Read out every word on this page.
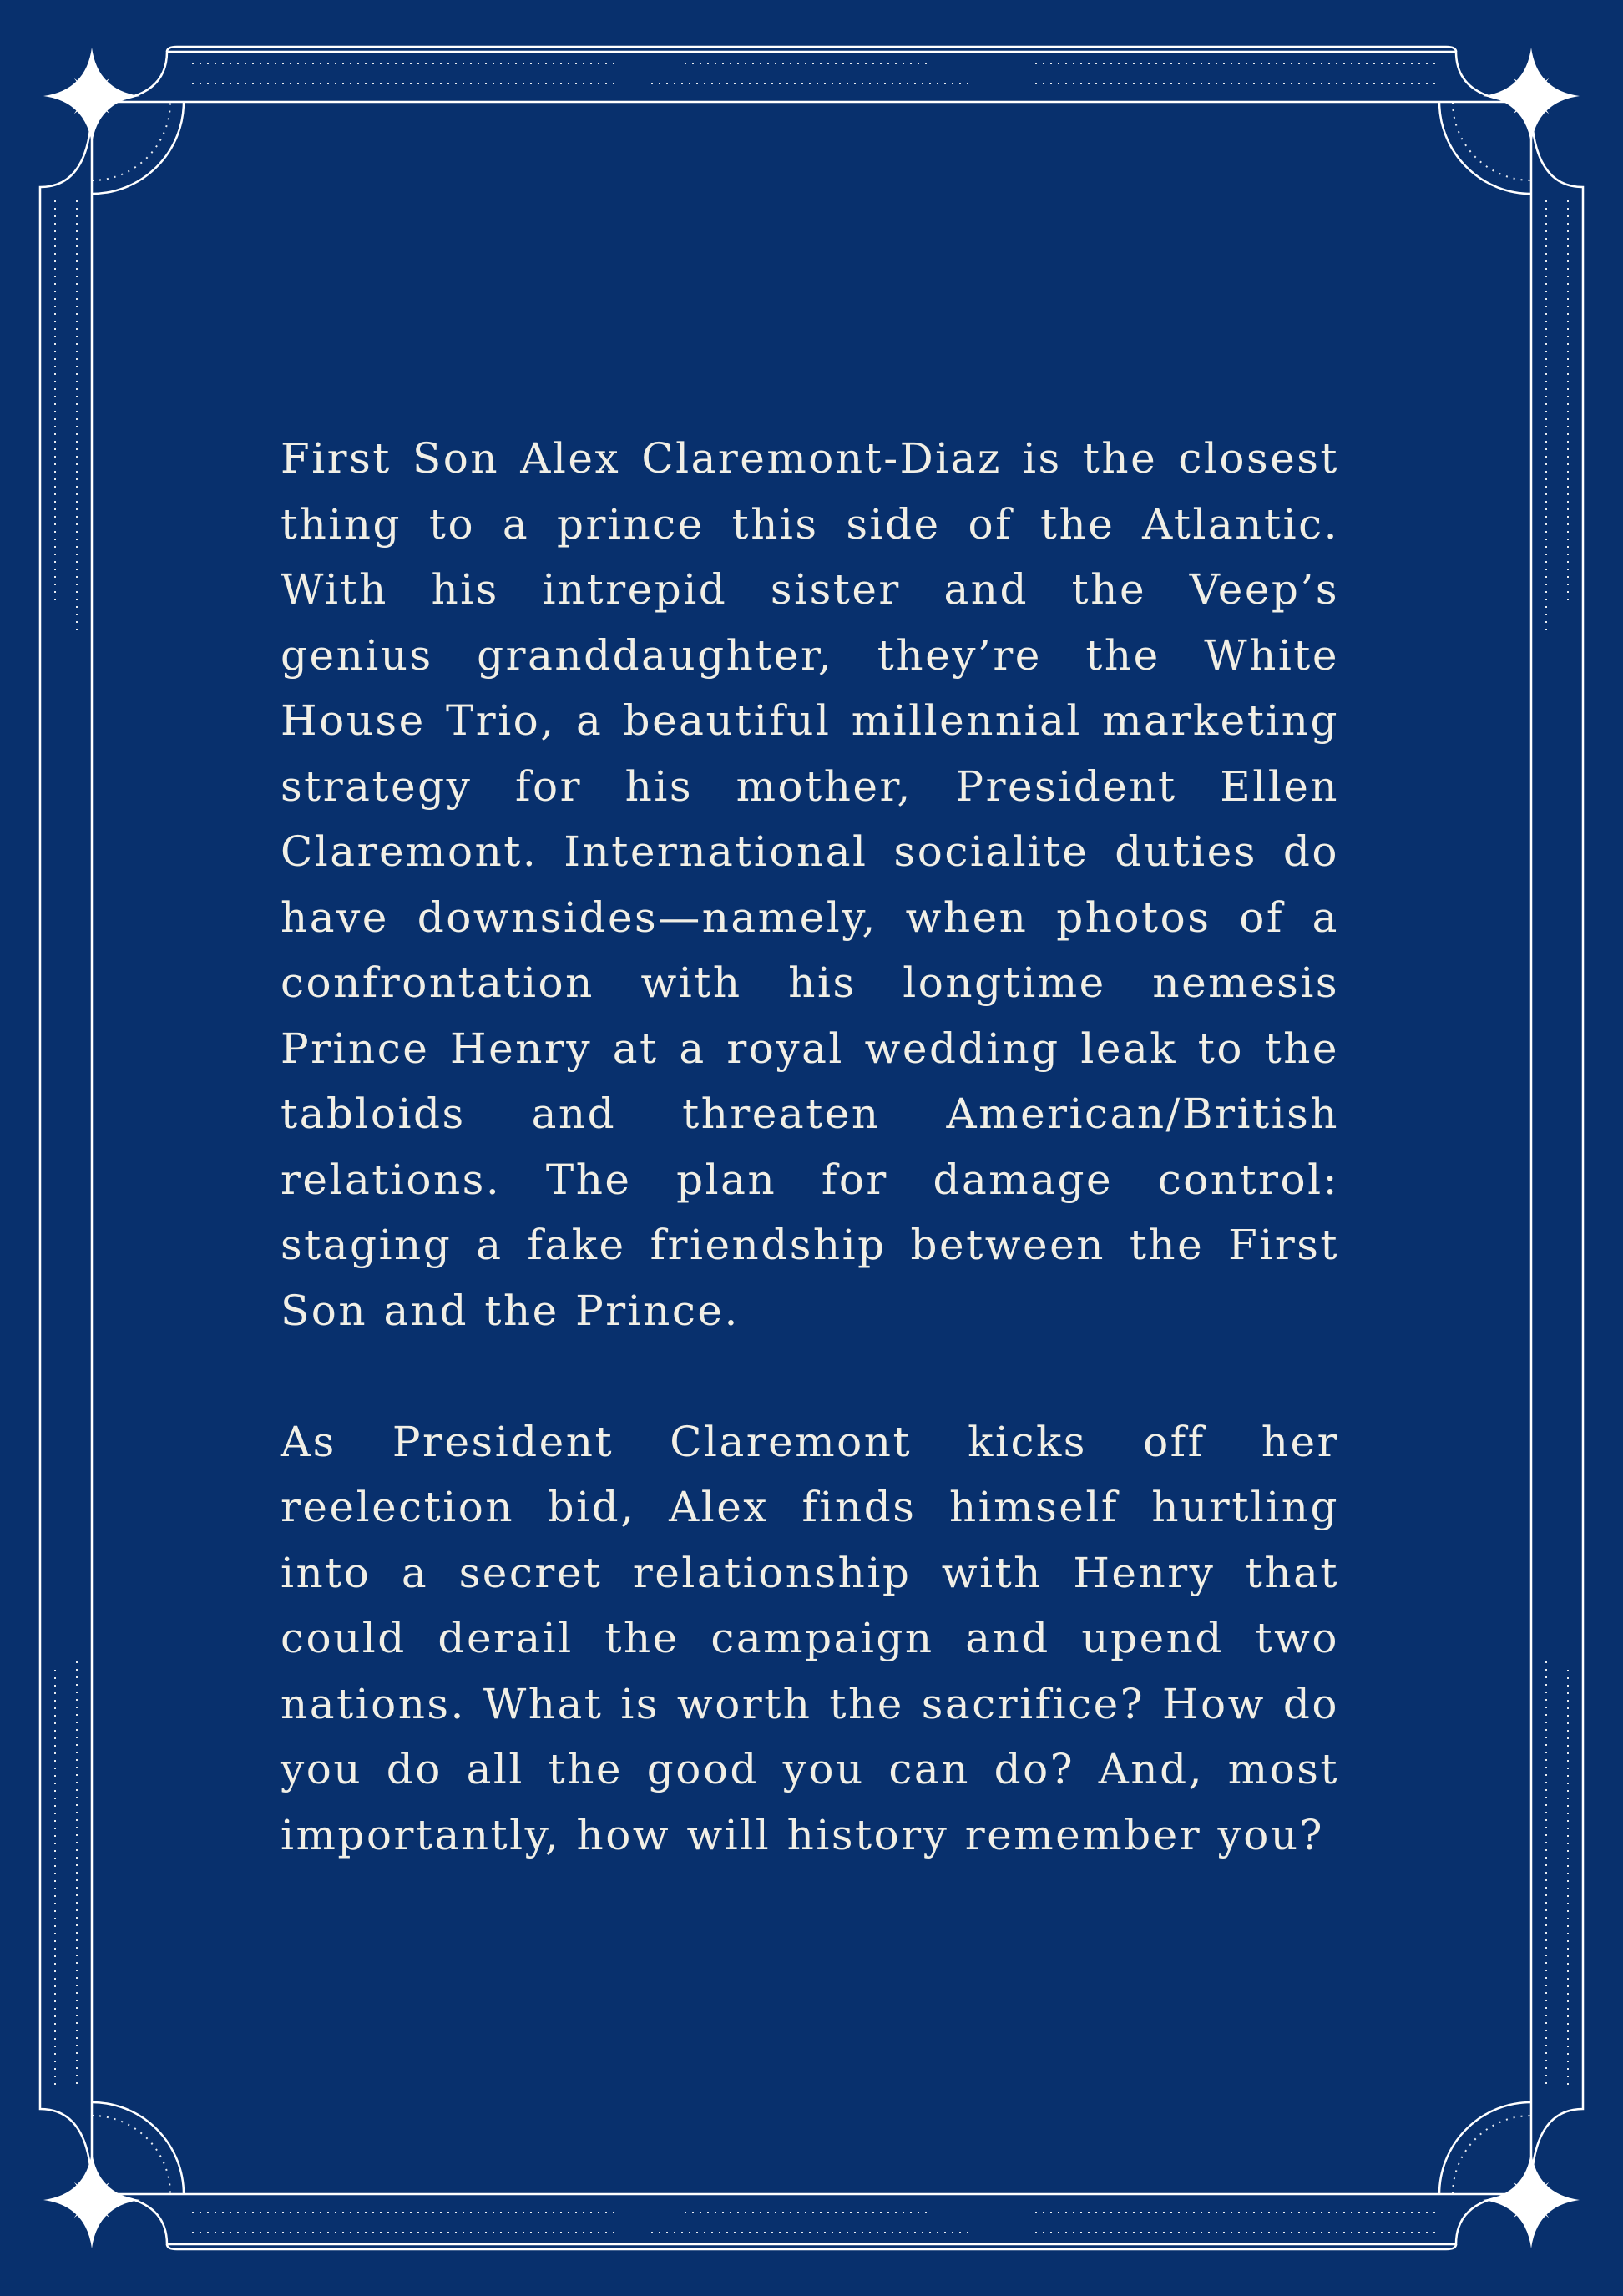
First Son Alex Claremont-Diaz is the closest thing to a prince this side of the Atlantic. With his intrepid sister and the Veep’s genius granddaughter, they’re the White House Trio, a beautiful millennial marketing strategy for his mother, President Ellen Claremont. International socialite duties do have downsides—namely, when photos of a confrontation with his longtime nemesis Prince Henry at a royal wedding leak to the tabloids and threaten American/British relations. The plan for damage control: staging a fake friendship between the First Son and the Prince.

As President Claremont kicks off her reelection bid, Alex finds himself hurtling into a secret relationship with Henry that could derail the campaign and upend two nations. What is worth the sacrifice? How do you do all the good you can do? And, most importantly, how will history remember you?
